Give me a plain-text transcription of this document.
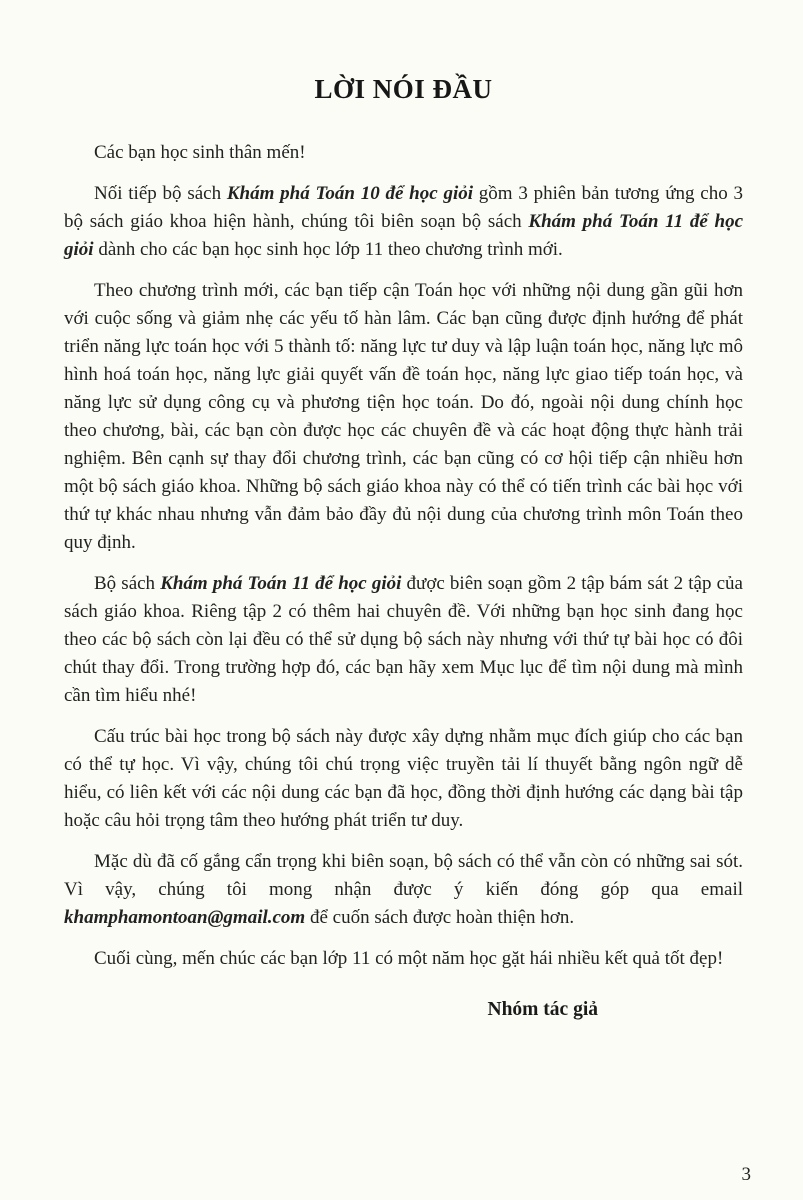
LỜI NÓI ĐẦU

Các bạn học sinh thân mến!

Nối tiếp bộ sách Khám phá Toán 10 để học giỏi gồm 3 phiên bản tương ứng cho 3 bộ sách giáo khoa hiện hành, chúng tôi biên soạn bộ sách Khám phá Toán 11 để học giỏi dành cho các bạn học sinh học lớp 11 theo chương trình mới.

Theo chương trình mới, các bạn tiếp cận Toán học với những nội dung gần gũi hơn với cuộc sống và giảm nhẹ các yếu tố hàn lâm. Các bạn cũng được định hướng để phát triển năng lực toán học với 5 thành tố: năng lực tư duy và lập luận toán học, năng lực mô hình hoá toán học, năng lực giải quyết vấn đề toán học, năng lực giao tiếp toán học, và năng lực sử dụng công cụ và phương tiện học toán. Do đó, ngoài nội dung chính học theo chương, bài, các bạn còn được học các chuyên đề và các hoạt động thực hành trải nghiệm. Bên cạnh sự thay đổi chương trình, các bạn cũng có cơ hội tiếp cận nhiều hơn một bộ sách giáo khoa. Những bộ sách giáo khoa này có thể có tiến trình các bài học với thứ tự khác nhau nhưng vẫn đảm bảo đầy đủ nội dung của chương trình môn Toán theo quy định.

Bộ sách Khám phá Toán 11 để học giỏi được biên soạn gồm 2 tập bám sát 2 tập của sách giáo khoa. Riêng tập 2 có thêm hai chuyên đề. Với những bạn học sinh đang học theo các bộ sách còn lại đều có thể sử dụng bộ sách này nhưng với thứ tự bài học có đôi chút thay đổi. Trong trường hợp đó, các bạn hãy xem Mục lục để tìm nội dung mà mình cần tìm hiểu nhé!

Cấu trúc bài học trong bộ sách này được xây dựng nhằm mục đích giúp cho các bạn có thể tự học. Vì vậy, chúng tôi chú trọng việc truyền tải lí thuyết bằng ngôn ngữ dễ hiểu, có liên kết với các nội dung các bạn đã học, đồng thời định hướng các dạng bài tập hoặc câu hỏi trọng tâm theo hướng phát triển tư duy.

Mặc dù đã cố gắng cẩn trọng khi biên soạn, bộ sách có thể vẫn còn có những sai sót. Vì vậy, chúng tôi mong nhận được ý kiến đóng góp qua email khamphamontoan@gmail.com để cuốn sách được hoàn thiện hơn.

Cuối cùng, mến chúc các bạn lớp 11 có một năm học gặt hái nhiều kết quả tốt đẹp!

Nhóm tác giả
3
